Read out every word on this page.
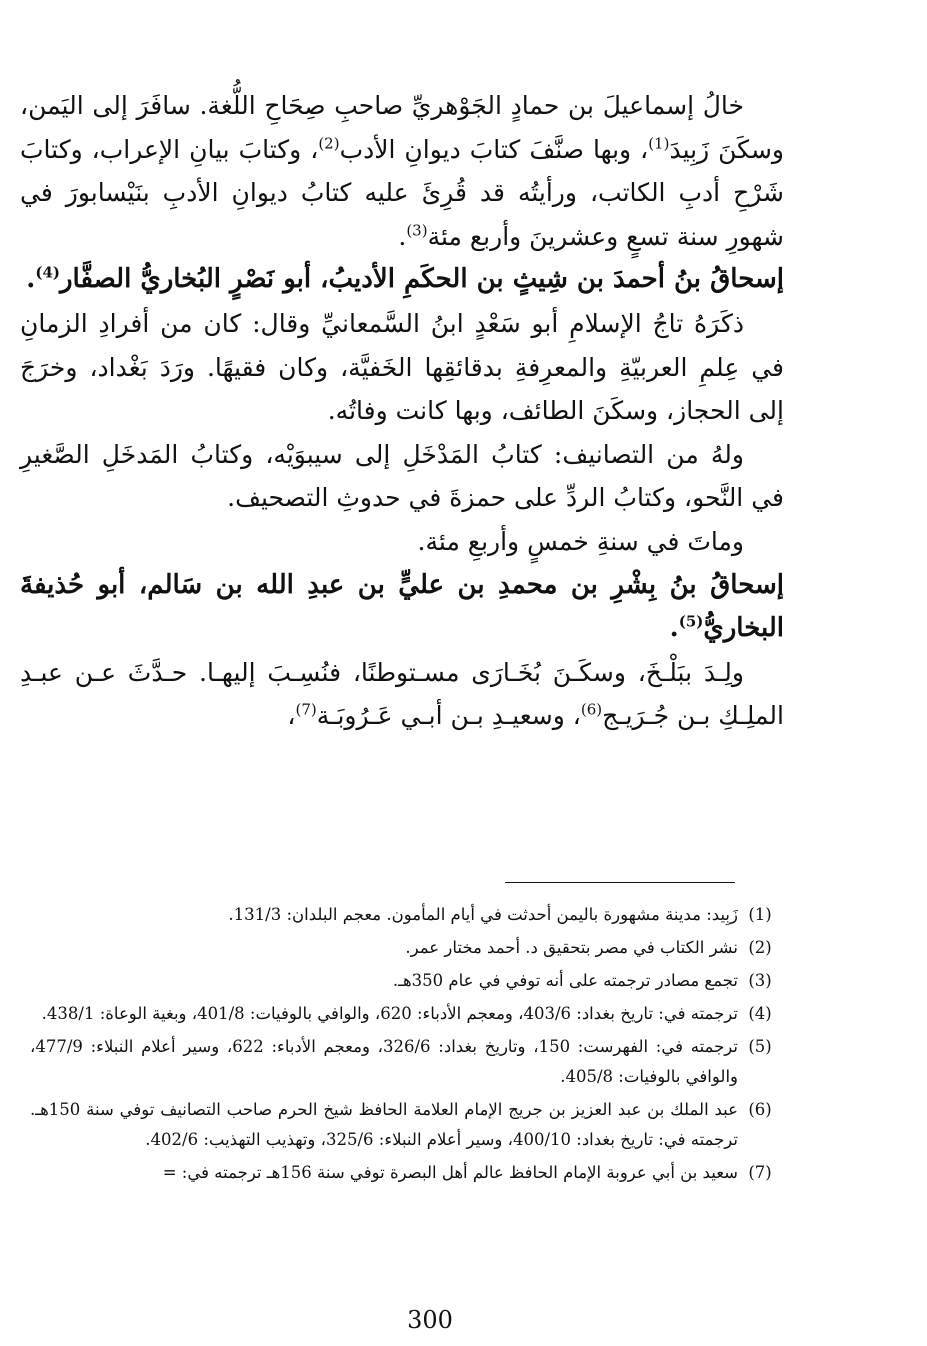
خالُ إسماعيلَ بن حمادٍ الجَوْهريِّ صاحبِ صِحَاحِ اللُّغة. سافَرَ إلى اليَمن، وسكَنَ زَبِيدَ$^{(1)}$، وبها صنَّفَ كتابَ ديوانِ الأدب$^{(2)}$، وكتابَ بيانِ الإعراب، وكتابَ شَرْحِ أدبِ الكاتب، ورأيتُه قد قُرِئَ عليه كتابُ ديوانِ الأدبِ بنَيْسابورَ في شهورِ سنة تسعٍ وعشرينَ وأربع مئة$^{(3)}$.

إسحاقُ بنُ أحمدَ بن شِيثٍ بن الحكَمِ الأديبُ، أبو نَصْرٍ البُخاريُّ الصفَّار$^{(4)}$.

ذكَرَهُ تاجُ الإسلامِ أبو سَعْدٍ ابنُ السَّمعانيِّ وقال: كان من أفرادِ الزمانِ في عِلمِ العربيّةِ والمعرِفةِ بدقائقِها الخَفيَّة، وكان فقيهًا. ورَدَ بَغْداد، وخرَجَ إلى الحجاز، وسكَنَ الطائف، وبها كانت وفاتُه.

ولهُ من التصانيف: كتابُ المَدْخَلِ إلى سيبوَيْه، وكتابُ المَدخَلِ الصَّغيرِ في النَّحو، وكتابُ الردِّ على حمزةَ في حدوثِ التصحيف.

وماتَ في سنةِ خمسٍ وأربعِ مئة.

إسحاقُ بنُ بِشْرِ بن محمدِ بن عليٍّ بن عبدِ الله بن سَالم، أبو حُذيفةَ البخاريُّ$^{(5)}$.

ولِـدَ ببَلْـخَ، وسكَـنَ بُخَـارَى مسـتوطنًا، فنُسِـبَ إليهـا. حـدَّثَ عـن عبـدِ الملِـكِ بـن جُـرَيـج$^{(6)}$، وسعيـدِ بـن أبـي عَـرُوبَـة$^{(7)}$،

(1)
زَبِيد: مدينة مشهورة باليمن أحدثت في أيام المأمون. معجم البلدان: 131/3.
(2)
نشر الكتاب في مصر بتحقيق د. أحمد مختار عمر.
(3)
تجمع مصادر ترجمته على أنه توفي في عام 350هـ.
(4)
ترجمته في: تاريخ بغداد: 403/6، ومعجم الأدباء: 620، والوافي بالوفيات: 401/8، وبغية الوعاة: 438/1.
(5)
ترجمته في: الفهرست: 150، وتاريخ بغداد: 326/6، ومعجم الأدباء: 622، وسير أعلام النبلاء: 477/9، والوافي بالوفيات: 405/8.
(6)
عبد الملك بن عبد العزيز بن جريج الإمام العلامة الحافظ شيخ الحرم صاحب التصانيف توفي سنة 150هـ. ترجمته في: تاريخ بغداد: 400/10، وسير أعلام النبلاء: 325/6، وتهذيب التهذيب: 402/6.
(7)
سعيد بن أبي عروبة الإمام الحافظ عالم أهل البصرة توفي سنة 156هـ ترجمته في: =
300
